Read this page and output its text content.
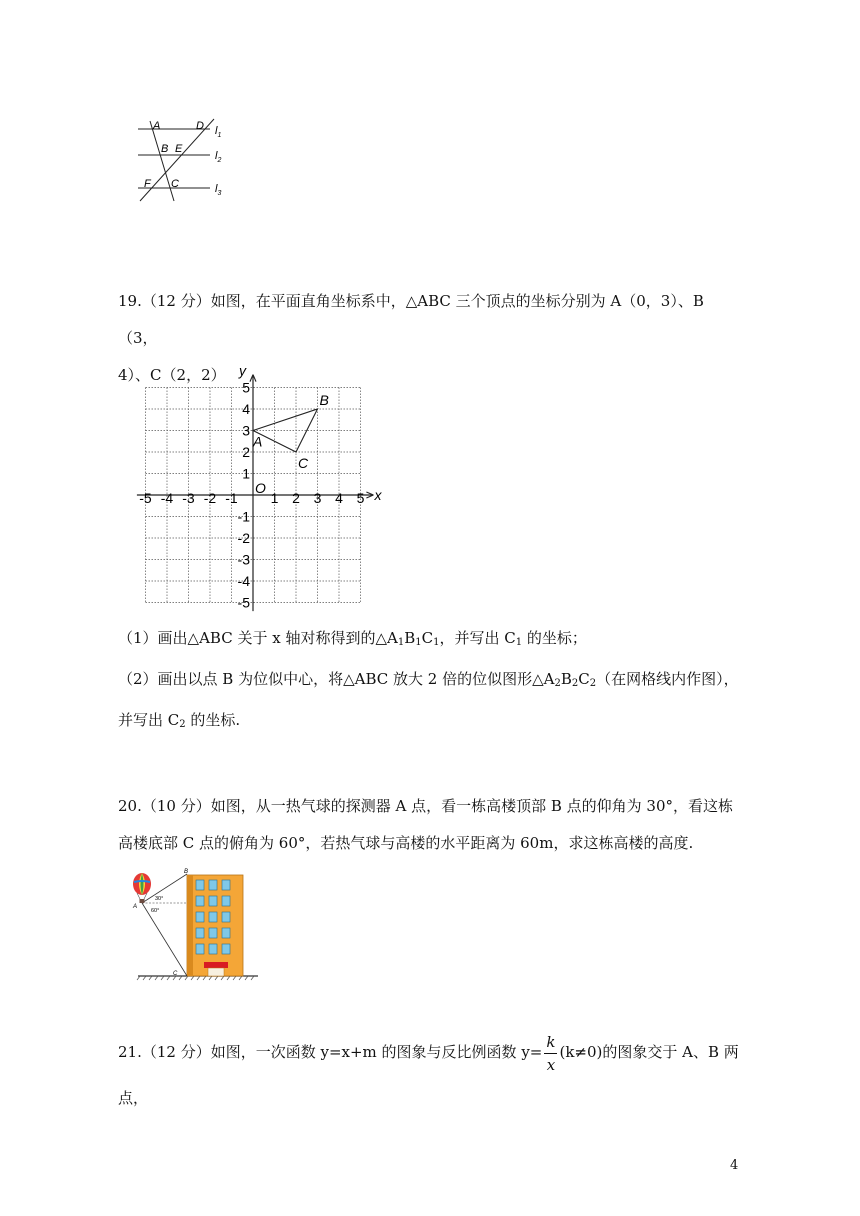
A	D
B E
F C
$l_1$
$l_2$
$l_3$

19.（12 分）如图，在平面直角坐标系中，△ABC 三个顶点的坐标分别为 A（0，3）、B（3，

4）、C（2，2）

x
y
O
-5 -4 -3 -2 -1 1 2 3 4 5
5
4
3
2
1
-1
-2
-3
-4
-5
A
B
C

（1）画出△ABC 关于 x 轴对称得到的$\triangle A_1B_1C_1$，并写出 $C_1$ 的坐标；

（2）画出以点 B 为位似中心，将△ABC 放大 2 倍的位似图形$\triangle A_2B_2C_2$（在网格线内作图），

并写出 $C_2$ 的坐标.

20.（10 分）如图，从一热气球的探测器 A 点，看一栋高楼顶部 B 点的仰角为 30°，看这栋

高楼底部 C 点的俯角为 60°，若热气球与高楼的水平距离为 60m，求这栋高楼的高度.

A
B
C
30°
60°

21.（12 分）如图，一次函数 y=x+m 的图象与反比例函数 $y= \frac{k}{x} (k\ne 0)$的图象交于 A、B 两点，

4
